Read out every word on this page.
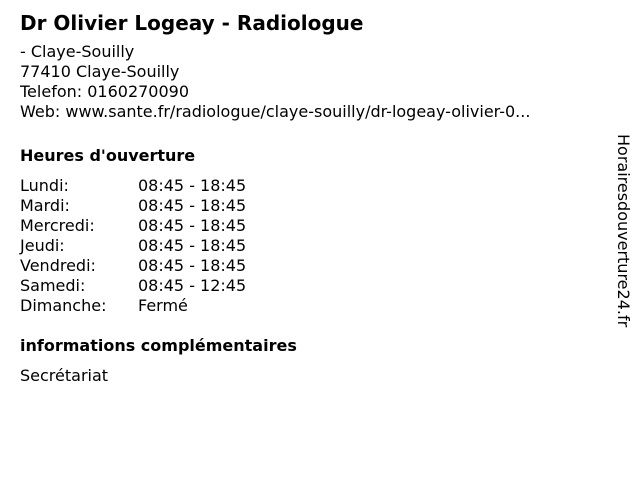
Dr Olivier Logeay - Radiologue
- Claye-Souilly
77410 Claye-Souilly
Telefon: 0160270090
Web: www.sante.fr/radiologue/claye-souilly/dr-logeay-olivier-0...
Heures d'ouverture
Lundi:	08:45 - 18:45
Mardi:	08:45 - 18:45
Mercredi:	08:45 - 18:45
Jeudi:	08:45 - 18:45
Vendredi:	08:45 - 18:45
Samedi:	08:45 - 12:45
Dimanche:	Fermé
informations complémentaires
Secrétariat
Horairesdouverture24.fr
